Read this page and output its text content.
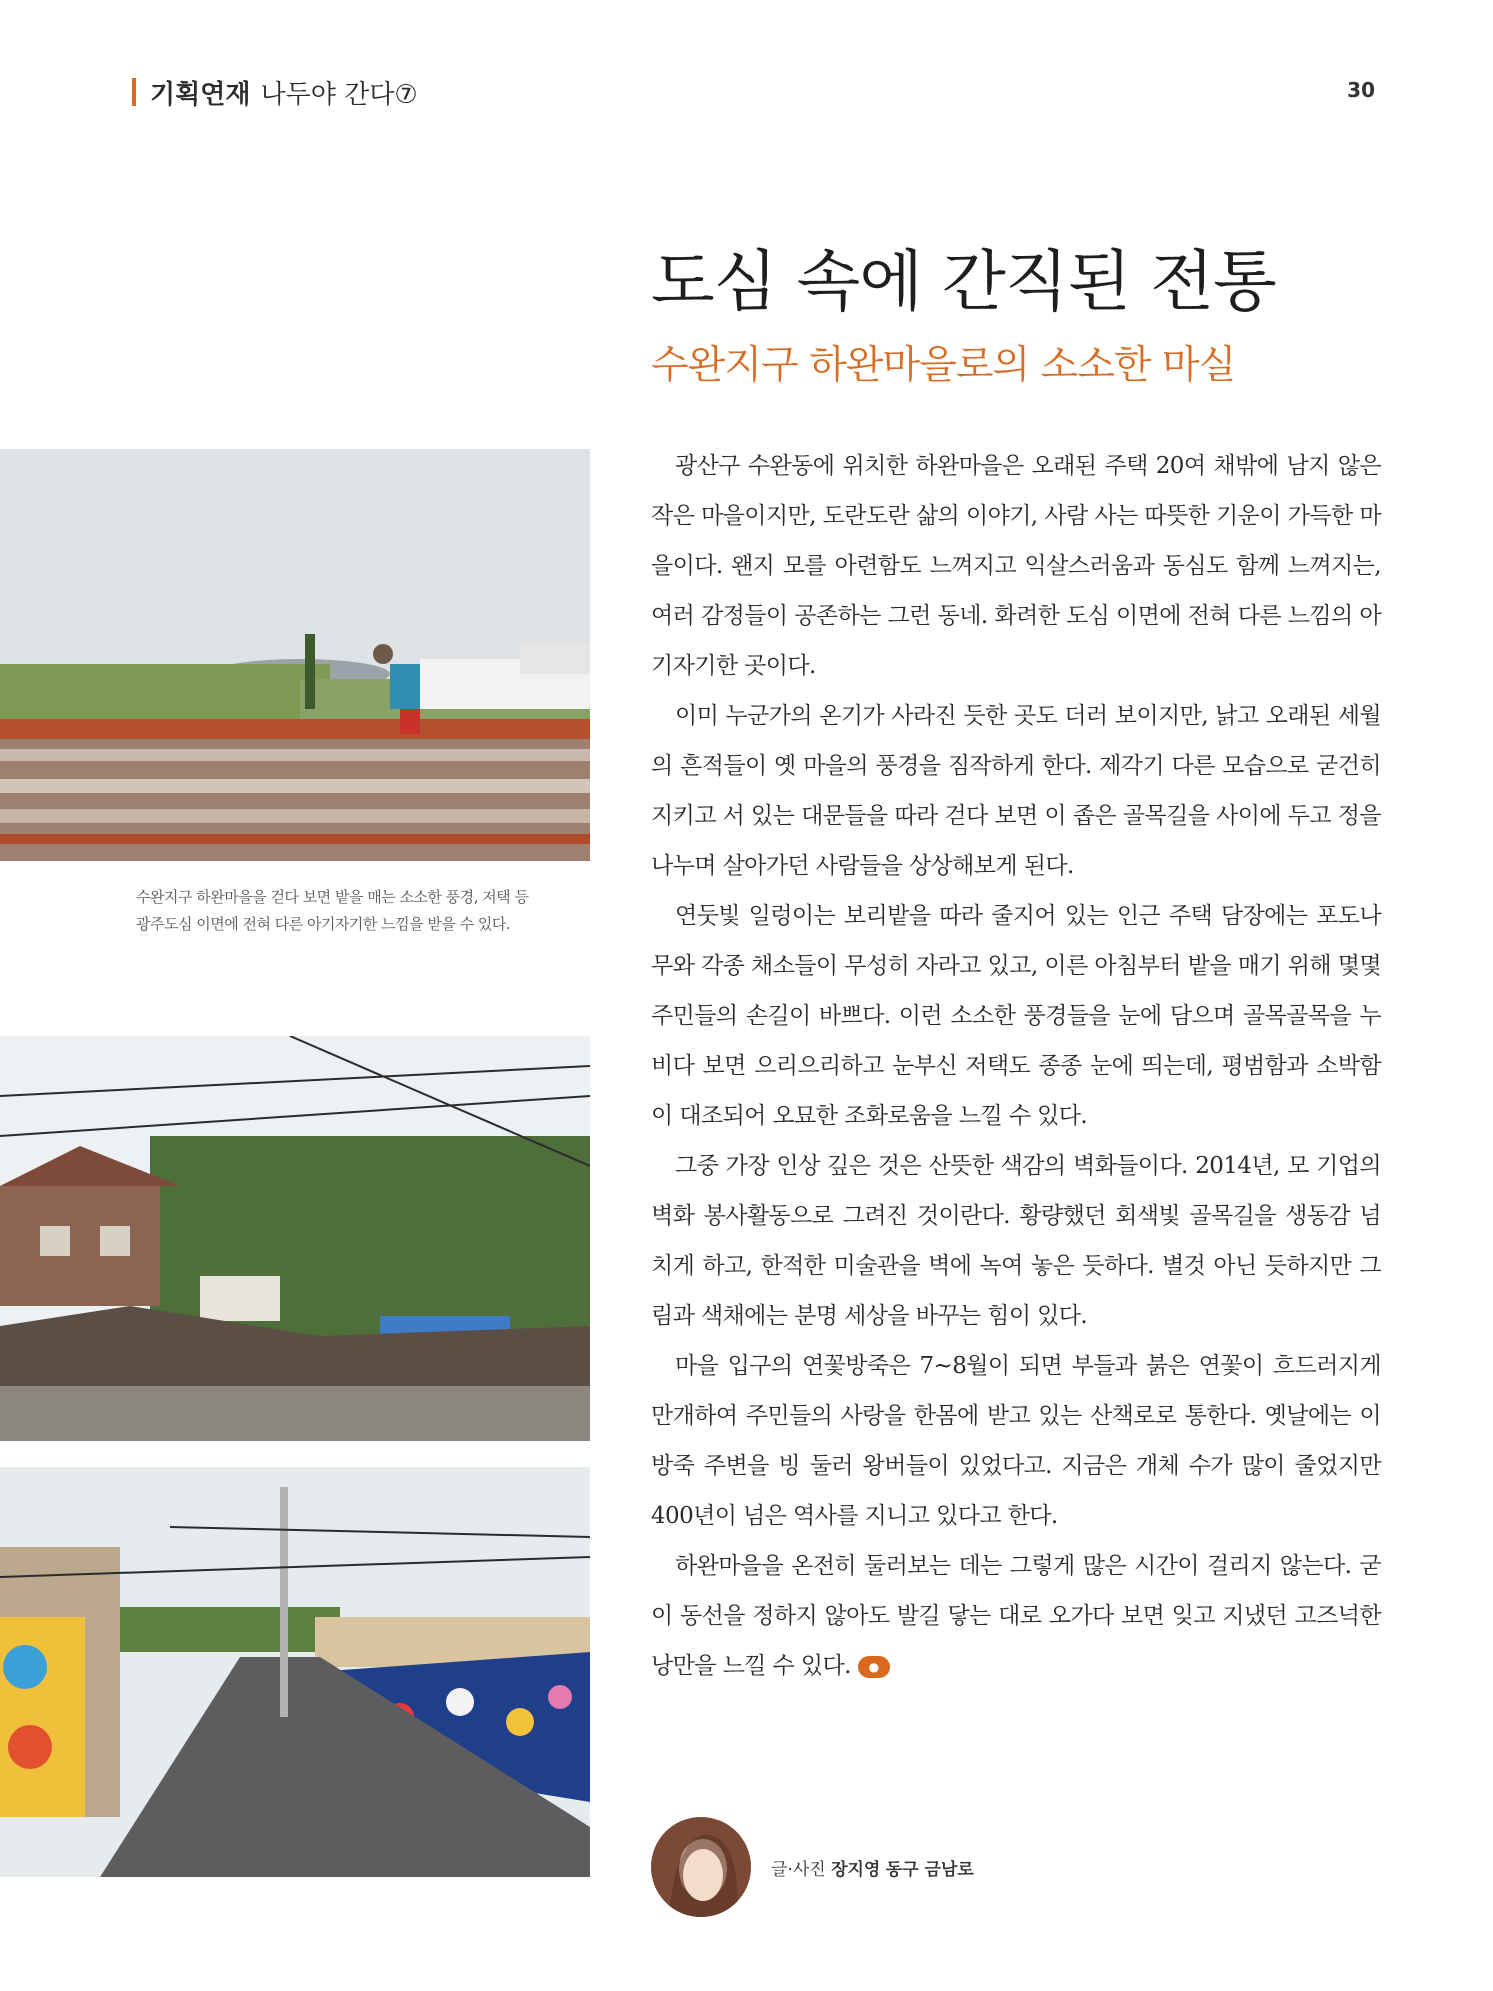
기획연재 나두야 간다⑦	30
도심 속에 간직된 전통
수완지구 하완마을로의 소소한 마실
수완지구 하완마을을 걷다 보면 밭을 매는 소소한 풍경, 저택 등
광주도심 이면에 전혀 다른 아기자기한 느낌을 받을 수 있다.

광산구 수완동에 위치한 하완마을은 오래된 주택 20여 채밖에 남지 않은 작은 마을이지만, 도란도란 삶의 이야기, 사람 사는 따뜻한 기운이 가득한 마을이다. 왠지 모를 아련함도 느껴지고 익살스러움과 동심도 함께 느껴지는, 여러 감정들이 공존하는 그런 동네. 화려한 도심 이면에 전혀 다른 느낌의 아기자기한 곳이다.

이미 누군가의 온기가 사라진 듯한 곳도 더러 보이지만, 낡고 오래된 세월의 흔적들이 옛 마을의 풍경을 짐작하게 한다. 제각기 다른 모습으로 굳건히 지키고 서 있는 대문들을 따라 걷다 보면 이 좁은 골목길을 사이에 두고 정을 나누며 살아가던 사람들을 상상해보게 된다.

연둣빛 일렁이는 보리밭을 따라 줄지어 있는 인근 주택 담장에는 포도나무와 각종 채소들이 무성히 자라고 있고, 이른 아침부터 밭을 매기 위해 몇몇 주민들의 손길이 바쁘다. 이런 소소한 풍경들을 눈에 담으며 골목골목을 누비다 보면 으리으리하고 눈부신 저택도 종종 눈에 띄는데, 평범함과 소박함이 대조되어 오묘한 조화로움을 느낄 수 있다.

그중 가장 인상 깊은 것은 산뜻한 색감의 벽화들이다. 2014년, 모 기업의 벽화 봉사활동으로 그려진 것이란다. 황량했던 회색빛 골목길을 생동감 넘치게 하고, 한적한 미술관을 벽에 녹여 놓은 듯하다. 별것 아닌 듯하지만 그림과 색채에는 분명 세상을 바꾸는 힘이 있다.

마을 입구의 연꽃방죽은 7~8월이 되면 부들과 붉은 연꽃이 흐드러지게 만개하여 주민들의 사랑을 한몸에 받고 있는 산책로로 통한다. 옛날에는 이 방죽 주변을 빙 둘러 왕버들이 있었다고. 지금은 개체 수가 많이 줄었지만 400년이 넘은 역사를 지니고 있다고 한다.

하완마을을 온전히 둘러보는 데는 그렇게 많은 시간이 걸리지 않는다. 굳이 동선을 정하지 않아도 발길 닿는 대로 오가다 보면 잊고 지냈던 고즈넉한 낭만을 느낄 수 있다. ●

글·사진 장지영 동구 금남로
